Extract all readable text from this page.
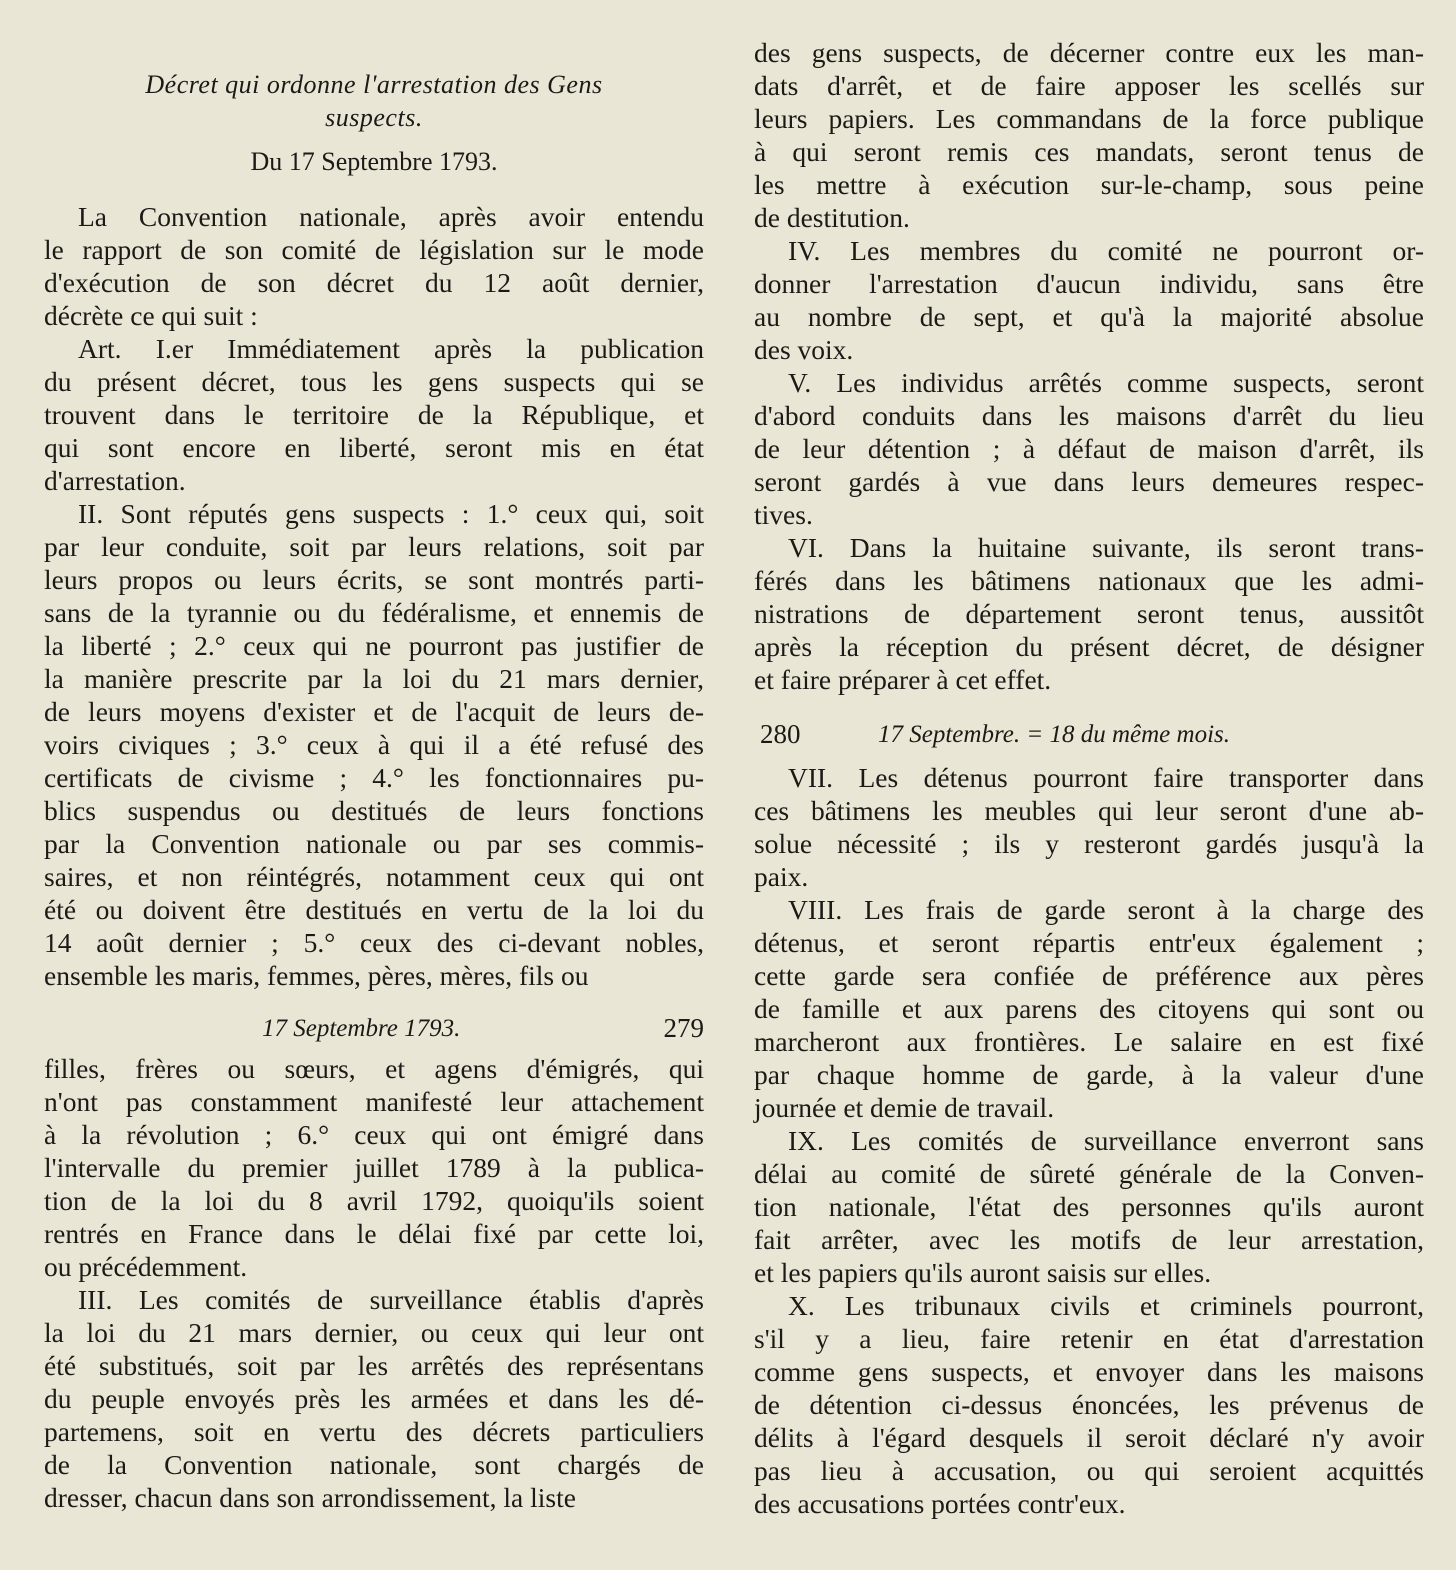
Décret qui ordonne l'arrestation des Gens
suspects.
Du 17 Septembre 1793.
La Convention nationale, après avoir entendu
le rapport de son comité de législation sur le mode
d'exécution de son décret du 12 août dernier,
décrète ce qui suit :
Art. I.er Immédiatement après la publication
du présent décret, tous les gens suspects qui se
trouvent dans le territoire de la République, et
qui sont encore en liberté, seront mis en état
d'arrestation.
II. Sont réputés gens suspects : 1.° ceux qui, soit
par leur conduite, soit par leurs relations, soit par
leurs propos ou leurs écrits, se sont montrés parti-
sans de la tyrannie ou du fédéralisme, et ennemis de
la liberté ; 2.° ceux qui ne pourront pas justifier de
la manière prescrite par la loi du 21 mars dernier,
de leurs moyens d'exister et de l'acquit de leurs de-
voirs civiques ; 3.° ceux à qui il a été refusé des
certificats de civisme ; 4.° les fonctionnaires pu-
blics suspendus ou destitués de leurs fonctions
par la Convention nationale ou par ses commis-
saires, et non réintégrés, notamment ceux qui ont
été ou doivent être destitués en vertu de la loi du
14 août dernier ; 5.° ceux des ci-devant nobles,
ensemble les maris, femmes, pères, mères, fils ou
17 Septembre 1793.	279
filles, frères ou sœurs, et agens d'émigrés, qui
n'ont pas constamment manifesté leur attachement
à la révolution ; 6.° ceux qui ont émigré dans
l'intervalle du premier juillet 1789 à la publica-
tion de la loi du 8 avril 1792, quoiqu'ils soient
rentrés en France dans le délai fixé par cette loi,
ou précédemment.
III. Les comités de surveillance établis d'après
la loi du 21 mars dernier, ou ceux qui leur ont
été substitués, soit par les arrêtés des représentans
du peuple envoyés près les armées et dans les dé-
partemens, soit en vertu des décrets particuliers
de la Convention nationale, sont chargés de
dresser, chacun dans son arrondissement, la liste
des gens suspects, de décerner contre eux les man-
dats d'arrêt, et de faire apposer les scellés sur
leurs papiers. Les commandans de la force publique
à qui seront remis ces mandats, seront tenus de
les mettre à exécution sur-le-champ, sous peine
de destitution.
IV. Les membres du comité ne pourront or-
donner l'arrestation d'aucun individu, sans être
au nombre de sept, et qu'à la majorité absolue
des voix.
V. Les individus arrêtés comme suspects, seront
d'abord conduits dans les maisons d'arrêt du lieu
de leur détention ; à défaut de maison d'arrêt, ils
seront gardés à vue dans leurs demeures respec-
tives.
VI. Dans la huitaine suivante, ils seront trans-
férés dans les bâtimens nationaux que les admi-
nistrations de département seront tenus, aussitôt
après la réception du présent décret, de désigner
et faire préparer à cet effet.
280	17 Septembre. = 18 du même mois.
VII. Les détenus pourront faire transporter dans
ces bâtimens les meubles qui leur seront d'une ab-
solue nécessité ; ils y resteront gardés jusqu'à la
paix.
VIII. Les frais de garde seront à la charge des
détenus, et seront répartis entr'eux également ;
cette garde sera confiée de préférence aux pères
de famille et aux parens des citoyens qui sont ou
marcheront aux frontières. Le salaire en est fixé
par chaque homme de garde, à la valeur d'une
journée et demie de travail.
IX. Les comités de surveillance enverront sans
délai au comité de sûreté générale de la Conven-
tion nationale, l'état des personnes qu'ils auront
fait arrêter, avec les motifs de leur arrestation,
et les papiers qu'ils auront saisis sur elles.
X. Les tribunaux civils et criminels pourront,
s'il y a lieu, faire retenir en état d'arrestation
comme gens suspects, et envoyer dans les maisons
de détention ci-dessus énoncées, les prévenus de
délits à l'égard desquels il seroit déclaré n'y avoir
pas lieu à accusation, ou qui seroient acquittés
des accusations portées contr'eux.
